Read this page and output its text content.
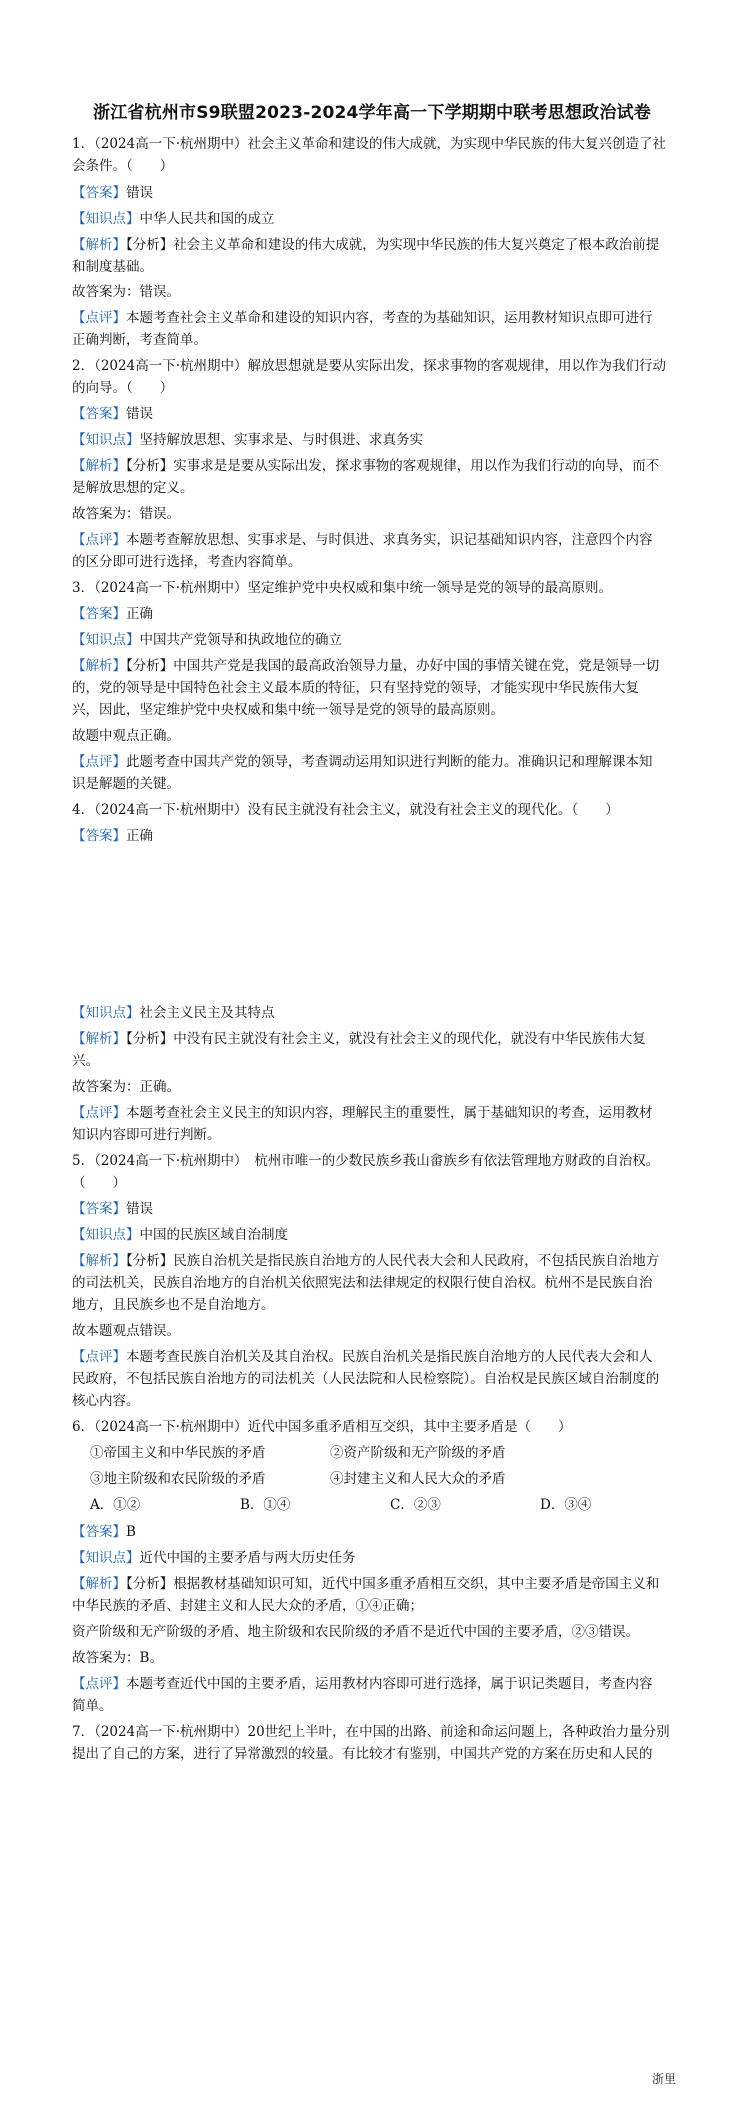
浙江省杭州市S9联盟2023-2024学年高一下学期期中联考思想政治试卷
1．（2024高一下·杭州期中）社会主义革命和建设的伟大成就，为实现中华民族的伟大复兴创造了社
会条件。（　　）
【答案】错误
【知识点】中华人民共和国的成立
【解析】【分析】社会主义革命和建设的伟大成就，为实现中华民族的伟大复兴奠定了根本政治前提
和制度基础。
故答案为：错误。
【点评】本题考查社会主义革命和建设的知识内容，考查的为基础知识，运用教材知识点即可进行
正确判断，考查简单。
2．（2024高一下·杭州期中）解放思想就是要从实际出发，探求事物的客观规律，用以作为我们行动
的向导。（　　）
【答案】错误
【知识点】坚持解放思想、实事求是、与时俱进、求真务实
【解析】【分析】实事求是是要从实际出发，探求事物的客观规律，用以作为我们行动的向导，而不
是解放思想的定义。
故答案为：错误。
【点评】本题考查解放思想、实事求是、与时俱进、求真务实，识记基础知识内容，注意四个内容
的区分即可进行选择，考查内容简单。
3．（2024高一下·杭州期中）坚定维护党中央权威和集中统一领导是党的领导的最高原则。
【答案】正确
【知识点】中国共产党领导和执政地位的确立
【解析】【分析】中国共产党是我国的最高政治领导力量，办好中国的事情关键在党，党是领导一切
的，党的领导是中国特色社会主义最本质的特征，只有坚持党的领导，才能实现中华民族伟大复
兴，因此，坚定维护党中央权威和集中统一领导是党的领导的最高原则。
故题中观点正确。
【点评】此题考查中国共产党的领导，考查调动运用知识进行判断的能力。准确识记和理解课本知
识是解题的关键。
4．（2024高一下·杭州期中）没有民主就没有社会主义，就没有社会主义的现代化。（　　）
【答案】正确
【知识点】社会主义民主及其特点
【解析】【分析】中没有民主就没有社会主义，就没有社会主义的现代化，就没有中华民族伟大复
兴。
故答案为：正确。
【点评】本题考查社会主义民主的知识内容，理解民主的重要性，属于基础知识的考查，运用教材
知识内容即可进行判断。
5．（2024高一下·杭州期中）　杭州市唯一的少数民族乡莪山畲族乡有依法管理地方财政的自治权。
（　　）
【答案】错误
【知识点】中国的民族区域自治制度
【解析】【分析】民族自治机关是指民族自治地方的人民代表大会和人民政府，不包括民族自治地方
的司法机关，民族自治地方的自治机关依照宪法和法律规定的权限行使自治权。杭州不是民族自治
地方，且民族乡也不是自治地方。
故本题观点错误。
【点评】本题考查民族自治机关及其自治权。民族自治机关是指民族自治地方的人民代表大会和人
民政府，不包括民族自治地方的司法机关（人民法院和人民检察院）。自治权是民族区域自治制度的
核心内容。
6．（2024高一下·杭州期中）近代中国多重矛盾相互交织，其中主要矛盾是（　　）
①帝国主义和中华民族的矛盾	②资产阶级和无产阶级的矛盾
③地主阶级和农民阶级的矛盾	④封建主义和人民大众的矛盾
A．①②	B．①④	C．②③	D．③④
【答案】B
【知识点】近代中国的主要矛盾与两大历史任务
【解析】【分析】根据教材基础知识可知，近代中国多重矛盾相互交织，其中主要矛盾是帝国主义和
中华民族的矛盾、封建主义和人民大众的矛盾，①④正确；
资产阶级和无产阶级的矛盾、地主阶级和农民阶级的矛盾不是近代中国的主要矛盾，②③错误。
故答案为：B。
【点评】本题考查近代中国的主要矛盾，运用教材内容即可进行选择，属于识记类题目，考查内容
简单。
7．（2024高一下·杭州期中）20世纪上半叶，在中国的出路、前途和命运问题上，各种政治力量分别
提出了自己的方案，进行了异常激烈的较量。有比较才有鉴别，中国共产党的方案在历史和人民的
浙里
